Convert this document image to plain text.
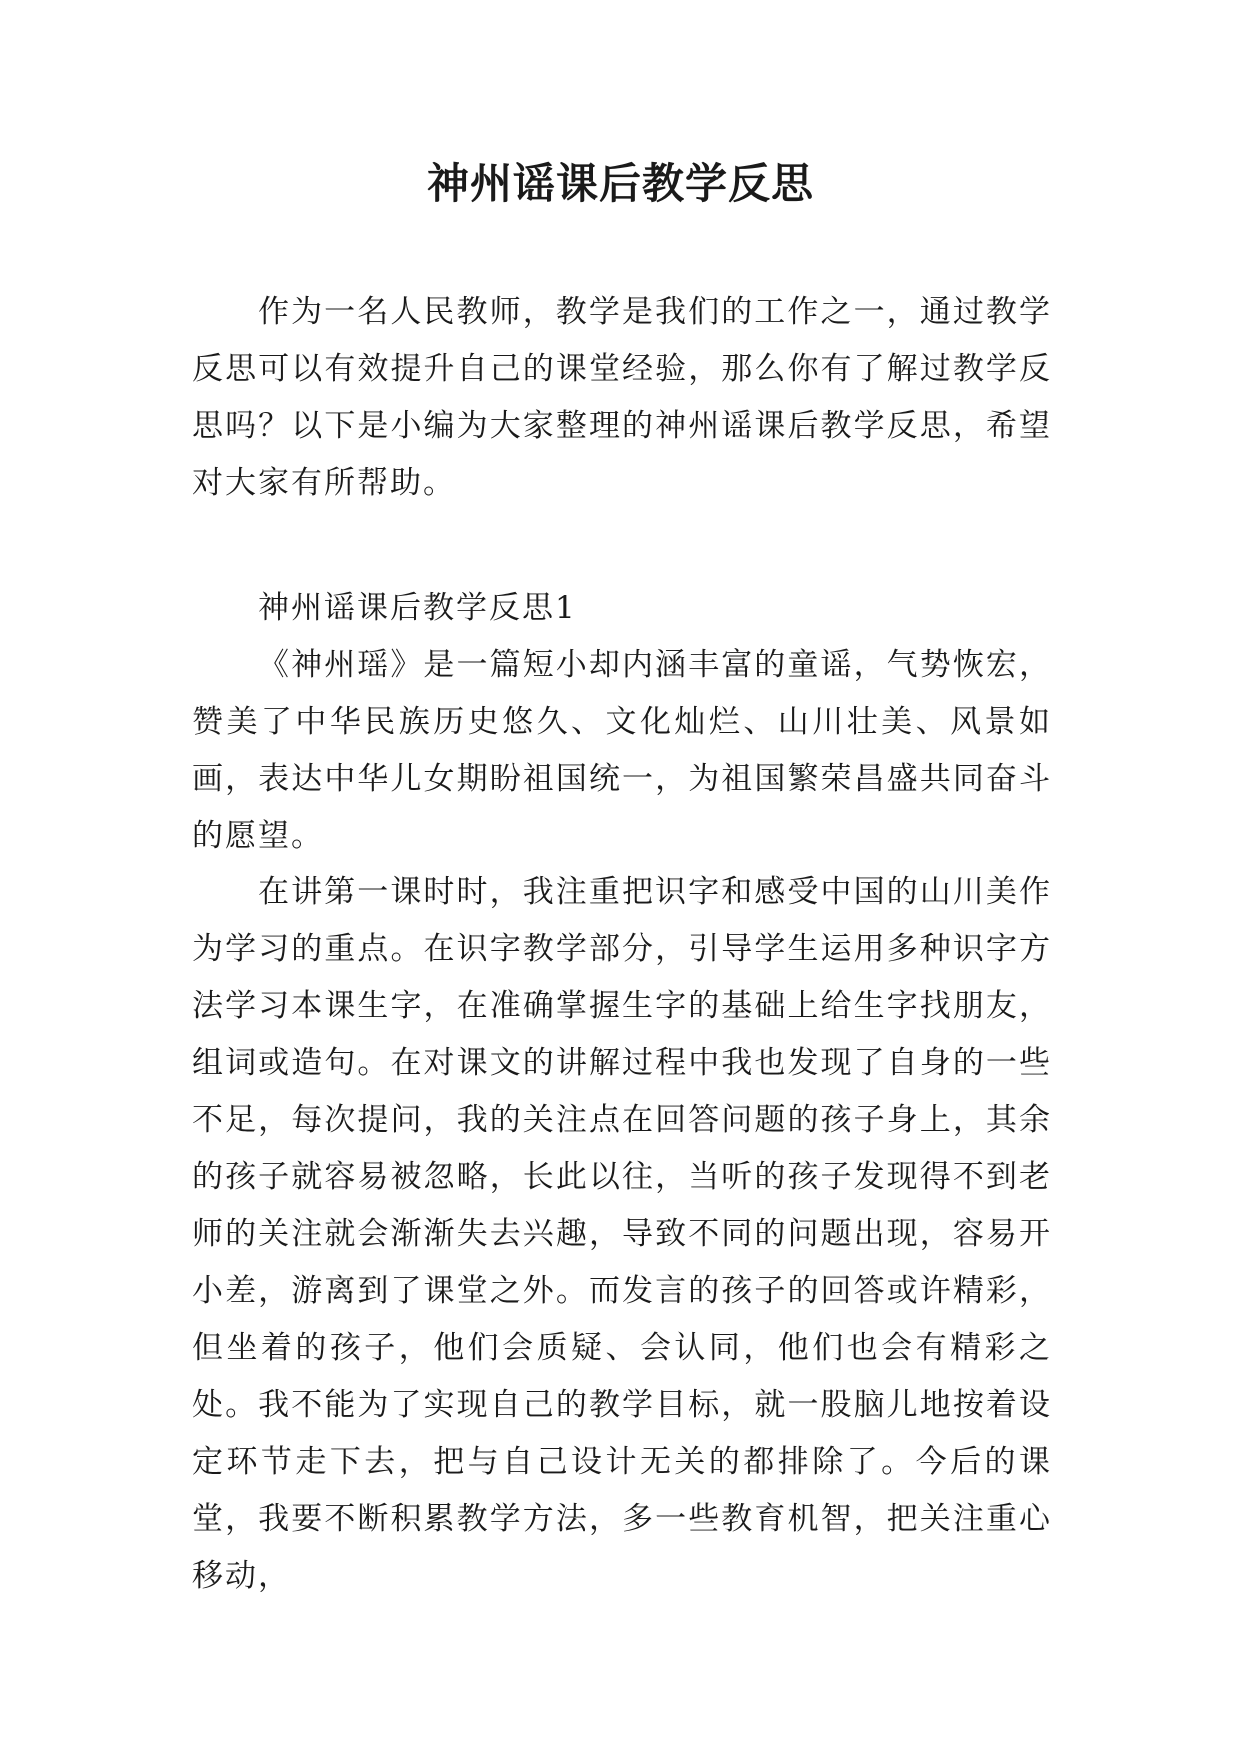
神州谣课后教学反思

作为一名人民教师，教学是我们的工作之一，通过教学反思可以有效提升自己的课堂经验，那么你有了解过教学反思吗？以下是小编为大家整理的神州谣课后教学反思，希望对大家有所帮助。

神州谣课后教学反思1

《神州瑶》是一篇短小却内涵丰富的童谣，气势恢宏，赞美了中华民族历史悠久、文化灿烂、山川壮美、风景如画，表达中华儿女期盼祖国统一，为祖国繁荣昌盛共同奋斗的愿望。

在讲第一课时时，我注重把识字和感受中国的山川美作为学习的重点。在识字教学部分，引导学生运用多种识字方法学习本课生字，在准确掌握生字的基础上给生字找朋友，组词或造句。在对课文的讲解过程中我也发现了自身的一些不足，每次提问，我的关注点在回答问题的孩子身上，其余的孩子就容易被忽略，长此以往，当听的孩子发现得不到老师的关注就会渐渐失去兴趣，导致不同的问题出现，容易开小差，游离到了课堂之外。而发言的孩子的回答或许精彩，但坐着的孩子，他们会质疑、会认同，他们也会有精彩之处。我不能为了实现自己的教学目标，就一股脑儿地按着设定环节走下去，把与自己设计无关的都排除了。今后的课堂，我要不断积累教学方法，多一些教育机智，把关注重心移动，
